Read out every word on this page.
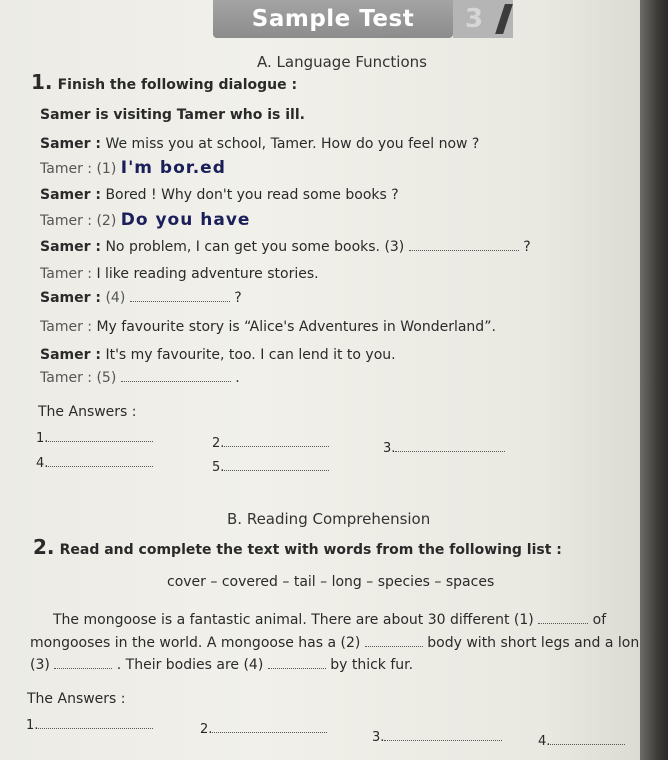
Sample Test	3
A. Language Functions
1. Finish the following dialogue :
Samer is visiting Tamer who is ill.
Samer : We miss you at school, Tamer. How do you feel now ?
Tamer : (1) I'm bor.ed
Samer : Bored ! Why don't you read some books ?
Tamer : (2) Do you have
Samer : No problem, I can get you some books. (3)	?
Tamer : I like reading adventure stories.
Samer : (4)	?
Tamer : My favourite story is “Alice's Adventures in Wonderland”.
Samer : It's my favourite, too. I can lend it to you.
Tamer : (5)	.
The Answers :
1.	2.	3.
4.	5.
B. Reading Comprehension
2. Read and complete the text with words from the following list :
cover – covered – tail – long – species – spaces
The mongoose is a fantastic animal. There are about 30 different (1)	of
mongooses in the world. A mongoose has a (2)	body with short legs and a lon
(3)	. Their bodies are (4)	by thick fur.
The Answers :
1.	2.
3.	4.
